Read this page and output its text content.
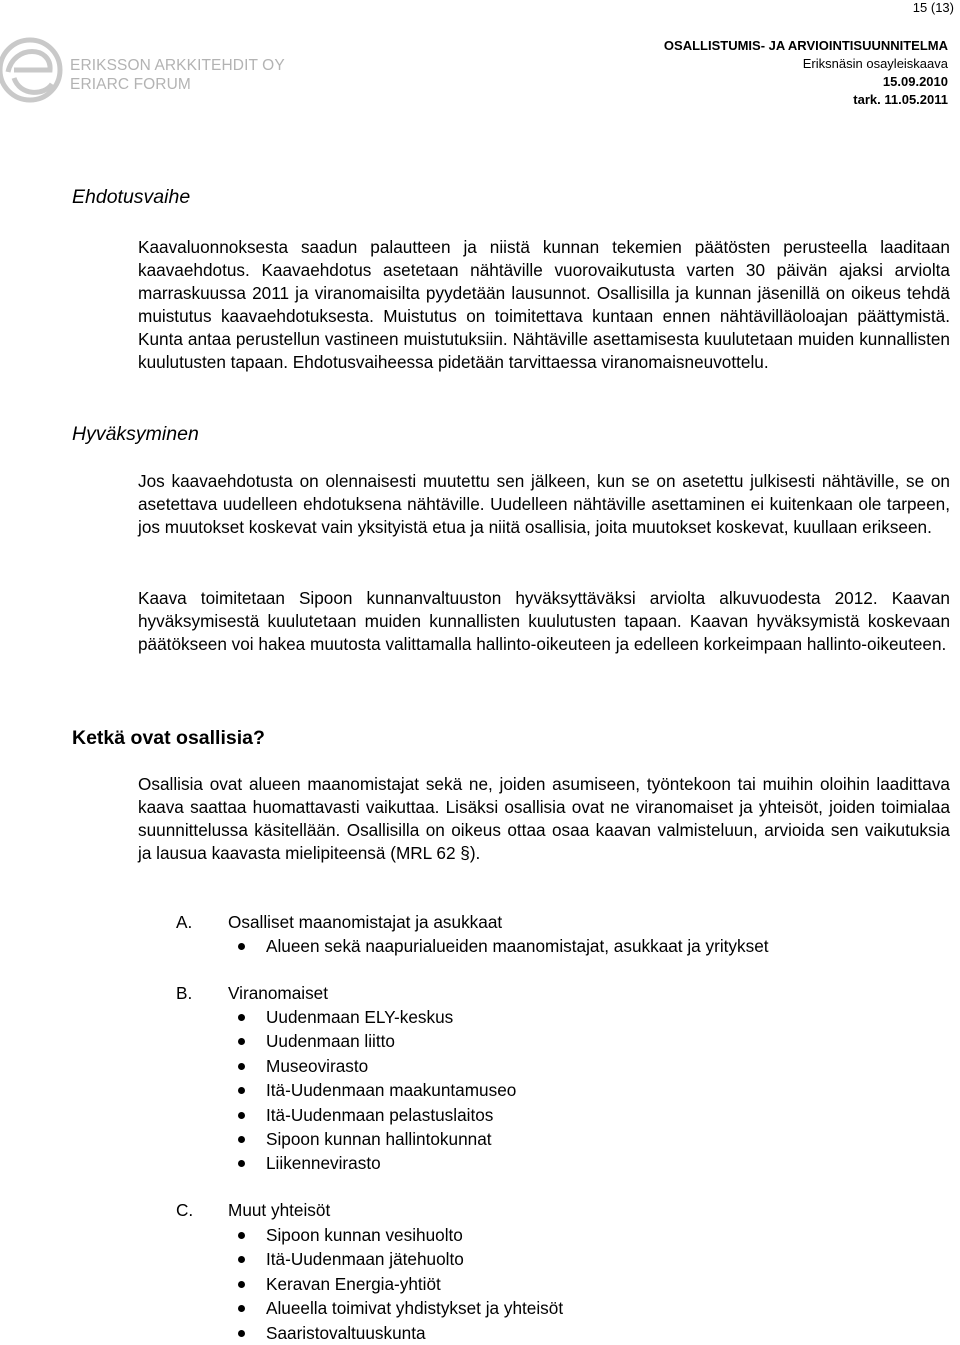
15 (13)
ERIKSSON ARKKITEHDIT OY
ERIARC FORUM
OSALLISTUMIS- JA ARVIOINTISUUNNITELMA
Eriksnäsin osayleiskaava
15.09.2010
tark. 11.05.2011
Ehdotusvaihe
Kaavaluonnoksesta saadun palautteen ja niistä kunnan tekemien päätösten perusteella laaditaan kaavaehdotus. Kaavaehdotus asetetaan nähtäville vuorovaikutusta varten 30 päivän ajaksi arviolta marraskuussa 2011 ja viranomaisilta pyydetään lausunnot. Osallisilla ja kunnan jäsenillä on oikeus tehdä muistutus kaavaehdotuksesta. Muistutus on toimitettava kuntaan ennen nähtävilläoloajan päättymistä. Kunta antaa perustellun vastineen muistutuksiin. Nähtäville asettamisesta kuulutetaan muiden kunnallisten kuulutusten tapaan. Ehdotusvaiheessa pidetään tarvittaessa viranomaisneuvottelu.
Hyväksyminen
Jos kaavaehdotusta on olennaisesti muutettu sen jälkeen, kun se on asetettu julkisesti nähtäville, se on asetettava uudelleen ehdotuksena nähtäville. Uudelleen nähtäville asettaminen ei kuitenkaan ole tarpeen, jos muutokset koskevat vain yksityistä etua ja niitä osallisia, joita muutokset koskevat, kuullaan erikseen.
Kaava toimitetaan Sipoon kunnanvaltuuston hyväksyttäväksi arviolta alkuvuodesta 2012. Kaavan hyväksymisestä kuulutetaan muiden kunnallisten kuulutusten tapaan. Kaavan hyväksymistä koskevaan päätökseen voi hakea muutosta valittamalla hallinto-oikeuteen ja edelleen korkeimpaan hallinto-oikeuteen.
Ketkä ovat osallisia?
Osallisia ovat alueen maanomistajat sekä ne, joiden asumiseen, työntekoon tai muihin oloihin laadittava kaava saattaa huomattavasti vaikuttaa. Lisäksi osallisia ovat ne viranomaiset ja yhteisöt, joiden toimialaa suunnittelussa käsitellään. Osallisilla on oikeus ottaa osaa kaavan valmisteluun, arvioida sen vaikutuksia ja lausua kaavasta mielipiteensä (MRL 62 §).
A. Osalliset maanomistajat ja asukkaat
Alueen sekä naapurialueiden maanomistajat, asukkaat ja yritykset
B. Viranomaiset
Uudenmaan ELY-keskus
Uudenmaan liitto
Museovirasto
Itä-Uudenmaan maakuntamuseo
Itä-Uudenmaan pelastuslaitos
Sipoon kunnan hallintokunnat
Liikennevirasto
C. Muut yhteisöt
Sipoon kunnan vesihuolto
Itä-Uudenmaan jätehuolto
Keravan Energia-yhtiöt
Alueella toimivat yhdistykset ja yhteisöt
Saaristovaltuuskunta
